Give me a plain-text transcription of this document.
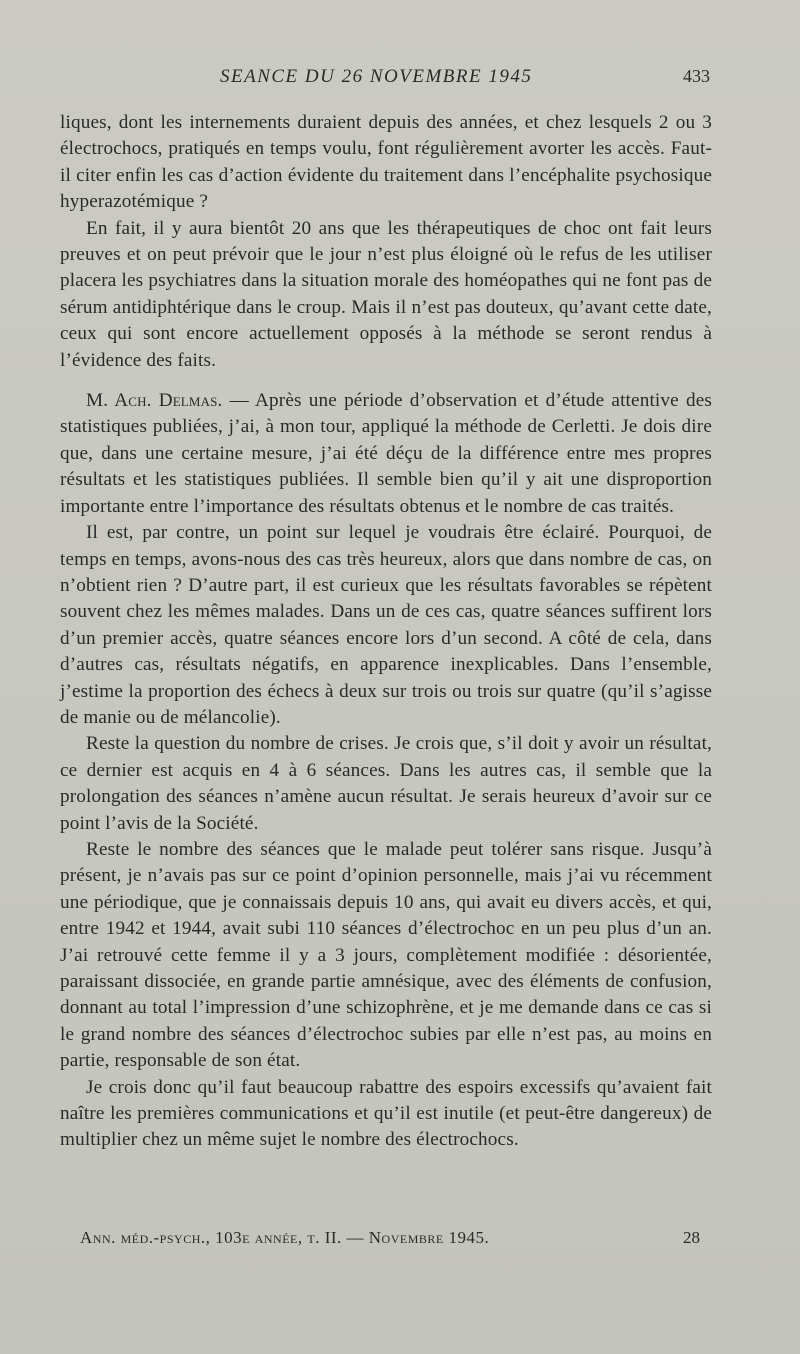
SEANCE DU 26 NOVEMBRE 1945	433

liques, dont les internements duraient depuis des années, et chez lesquels 2 ou 3 électrochocs, pratiqués en temps voulu, font régulièrement avorter les accès. Faut-il citer enfin les cas d’action évidente du traitement dans l’encéphalite psychosique hyperazotémique ?

En fait, il y aura bientôt 20 ans que les thérapeutiques de choc ont fait leurs preuves et on peut prévoir que le jour n’est plus éloigné où le refus de les utiliser placera les psychiatres dans la situation morale des homéopathes qui ne font pas de sérum antidiphtérique dans le croup. Mais il n’est pas douteux, qu’avant cette date, ceux qui sont encore actuellement opposés à la méthode se seront rendus à l’évidence des faits.

M. Ach. Delmas. — Après une période d’observation et d’étude attentive des statistiques publiées, j’ai, à mon tour, appliqué la méthode de Cerletti. Je dois dire que, dans une certaine mesure, j’ai été déçu de la différence entre mes propres résultats et les statistiques publiées. Il semble bien qu’il y ait une disproportion importante entre l’importance des résultats obtenus et le nombre de cas traités.

Il est, par contre, un point sur lequel je voudrais être éclairé. Pourquoi, de temps en temps, avons-nous des cas très heureux, alors que dans nombre de cas, on n’obtient rien ? D’autre part, il est curieux que les résultats favorables se répètent souvent chez les mêmes malades. Dans un de ces cas, quatre séances suffirent lors d’un premier accès, quatre séances encore lors d’un second. A côté de cela, dans d’autres cas, résultats négatifs, en apparence inexplicables. Dans l’ensemble, j’estime la proportion des échecs à deux sur trois ou trois sur quatre (qu’il s’agisse de manie ou de mélancolie).

Reste la question du nombre de crises. Je crois que, s’il doit y avoir un résultat, ce dernier est acquis en 4 à 6 séances. Dans les autres cas, il semble que la prolongation des séances n’amène aucun résultat. Je serais heureux d’avoir sur ce point l’avis de la Société.

Reste le nombre des séances que le malade peut tolérer sans risque. Jusqu’à présent, je n’avais pas sur ce point d’opinion personnelle, mais j’ai vu récemment une périodique, que je connaissais depuis 10 ans, qui avait eu divers accès, et qui, entre 1942 et 1944, avait subi 110 séances d’électrochoc en un peu plus d’un an. J’ai retrouvé cette femme il y a 3 jours, complètement modifiée : désorientée, paraissant dissociée, en grande partie amnésique, avec des éléments de confusion, donnant au total l’impression d’une schizophrène, et je me demande dans ce cas si le grand nombre des séances d’électrochoc subies par elle n’est pas, au moins en partie, responsable de son état.

Je crois donc qu’il faut beaucoup rabattre des espoirs excessifs qu’avaient fait naître les premières communications et qu’il est inutile (et peut-être dangereux) de multiplier chez un même sujet le nombre des électrochocs.

Ann. méd.-psych., 103e année, t. II. — Novembre 1945.	28
